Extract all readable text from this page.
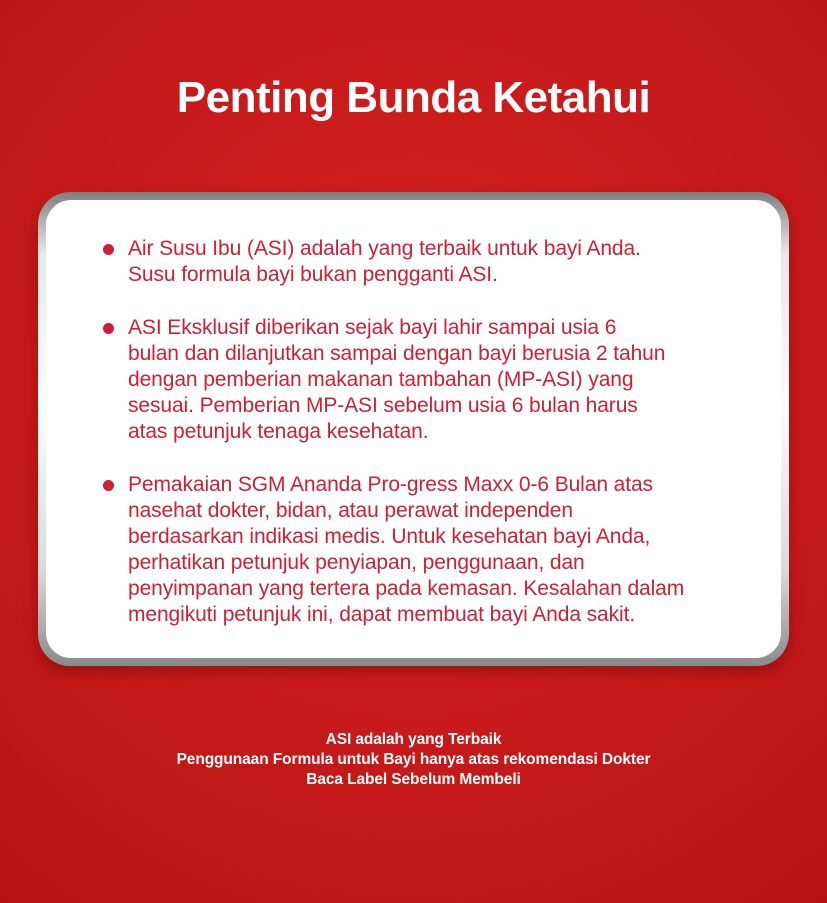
Penting Bunda Ketahui
Air Susu Ibu (ASI) adalah yang terbaik untuk bayi Anda.
Susu formula bayi bukan pengganti ASI.
ASI Eksklusif diberikan sejak bayi lahir sampai usia 6
bulan dan dilanjutkan sampai dengan bayi berusia 2 tahun
dengan pemberian makanan tambahan (MP-ASI) yang
sesuai. Pemberian MP-ASI sebelum usia 6 bulan harus
atas petunjuk tenaga kesehatan.
Pemakaian SGM Ananda Pro-gress Maxx 0-6 Bulan atas
nasehat dokter, bidan, atau perawat independen
berdasarkan indikasi medis. Untuk kesehatan bayi Anda,
perhatikan petunjuk penyiapan, penggunaan, dan
penyimpanan yang tertera pada kemasan. Kesalahan dalam
mengikuti petunjuk ini, dapat membuat bayi Anda sakit.
ASI adalah yang Terbaik
Penggunaan Formula untuk Bayi hanya atas rekomendasi Dokter
Baca Label Sebelum Membeli
